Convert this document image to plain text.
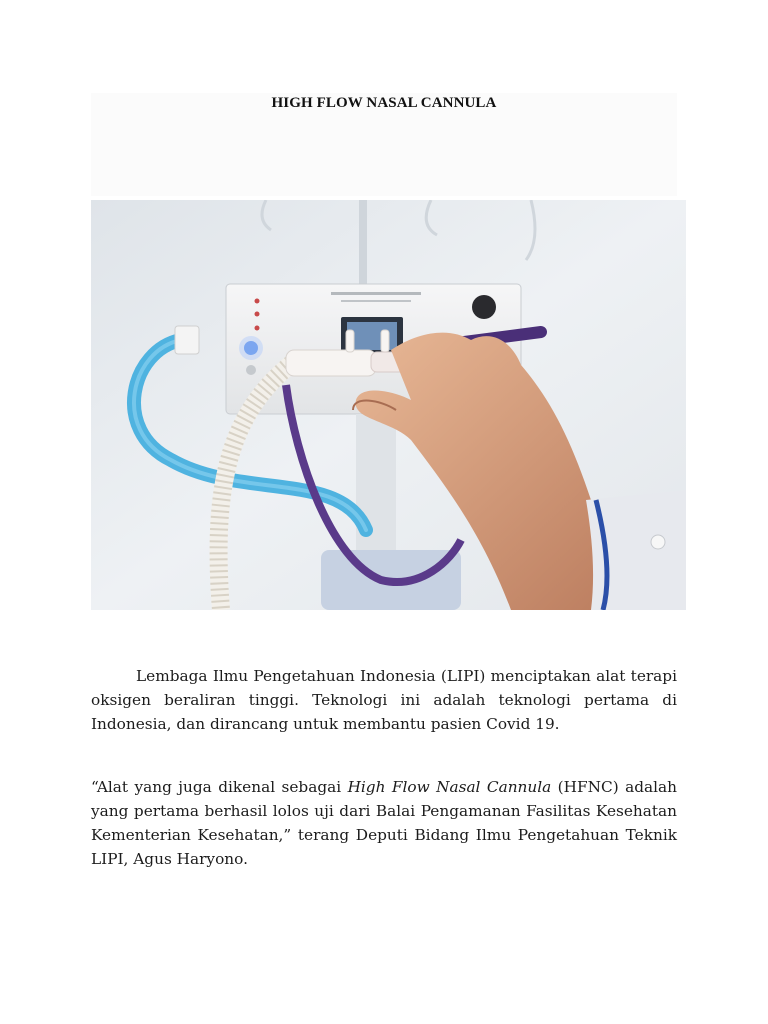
HIGH FLOW NASAL CANNULA

Lembaga Ilmu Pengetahuan Indonesia (LIPI) menciptakan alat terapi oksigen beraliran tinggi. Teknologi ini adalah teknologi pertama di Indonesia, dan dirancang untuk membantu pasien Covid 19.

“Alat yang juga dikenal sebagai High Flow Nasal Cannula (HFNC) adalah yang pertama berhasil lolos uji dari Balai Pengamanan Fasilitas Kesehatan Kementerian Kesehatan,” terang Deputi Bidang Ilmu Pengetahuan Teknik LIPI, Agus Haryono.
